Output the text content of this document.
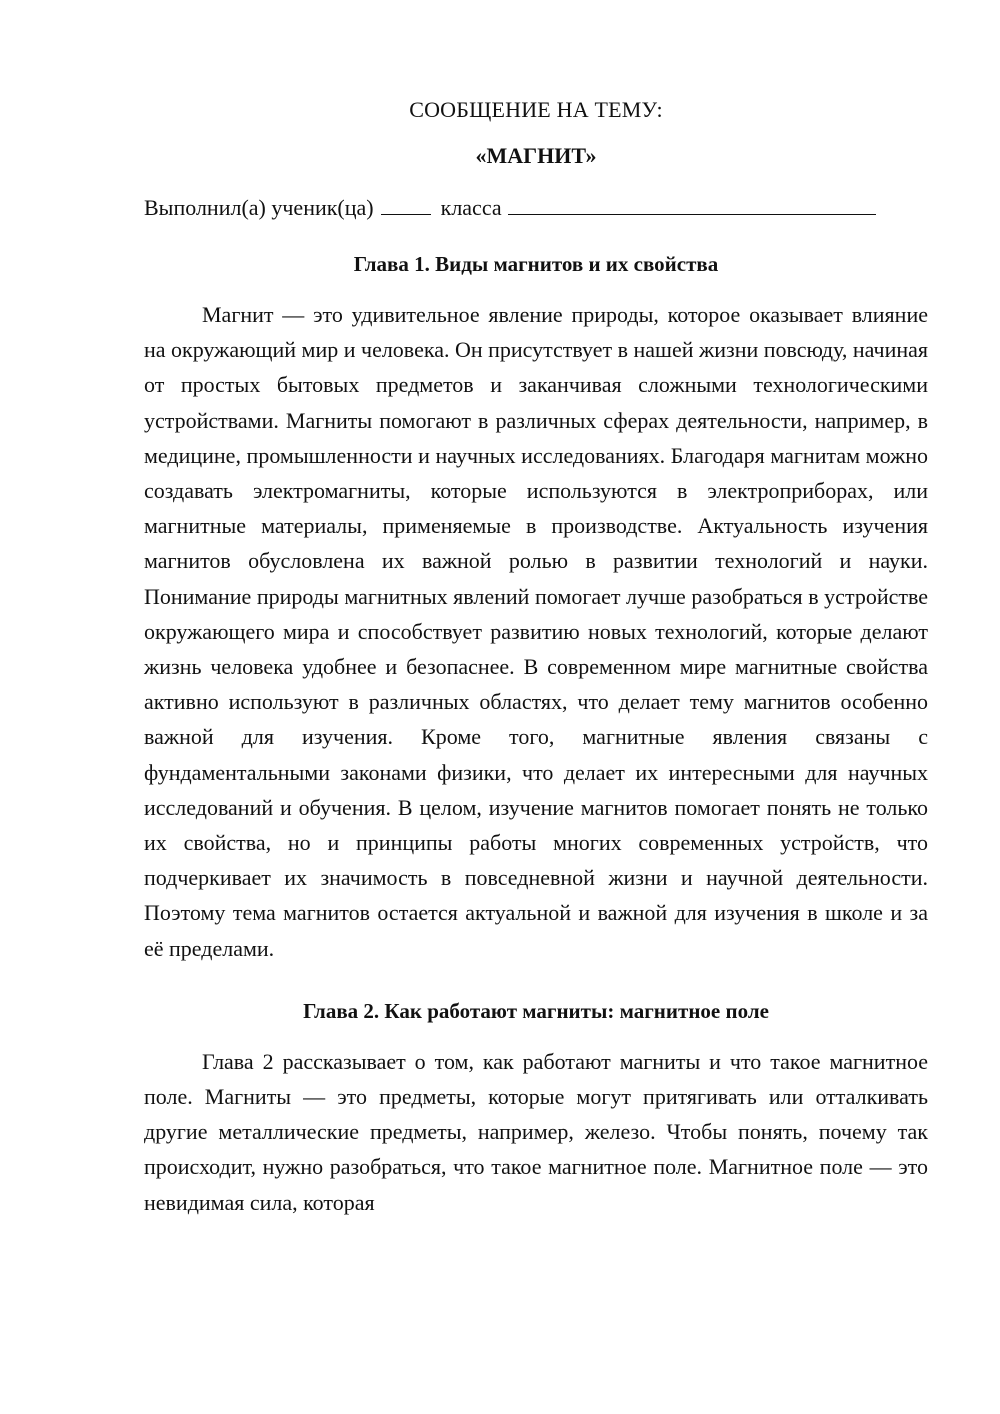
СООБЩЕНИЕ НА ТЕМУ:
«МАГНИТ»

Выполнил(а) ученик(ца)	класса

Глава 1. Виды магнитов и их свойства

Магнит — это удивительное явление природы, которое оказывает влияние на окружающий мир и человека. Он присутствует в нашей жизни повсюду, начиная от простых бытовых предметов и заканчивая сложными технологическими устройствами. Магниты помогают в различных сферах деятельности, например, в медицине, промышленности и научных исследованиях. Благодаря магнитам можно создавать электромагниты, которые используются в электроприборах, или магнитные материалы, применяемые в производстве. Актуальность изучения магнитов обусловлена их важной ролью в развитии технологий и науки. Понимание природы магнитных явлений помогает лучше разобраться в устройстве окружающего мира и способствует развитию новых технологий, которые делают жизнь человека удобнее и безопаснее. В современном мире магнитные свойства активно используют в различных областях, что делает тему магнитов особенно важной для изучения. Кроме того, магнитные явления связаны с фундаментальными законами физики, что делает их интересными для научных исследований и обучения. В целом, изучение магнитов помогает понять не только их свойства, но и принципы работы многих современных устройств, что подчеркивает их значимость в повседневной жизни и научной деятельности. Поэтому тема магнитов остается актуальной и важной для изучения в школе и за её пределами.

Глава 2. Как работают магниты: магнитное поле

Глава 2 рассказывает о том, как работают магниты и что такое магнитное поле. Магниты — это предметы, которые могут притягивать или отталкивать другие металлические предметы, например, железо. Чтобы понять, почему так происходит, нужно разобраться, что такое магнитное поле. Магнитное поле — это невидимая сила, которая
